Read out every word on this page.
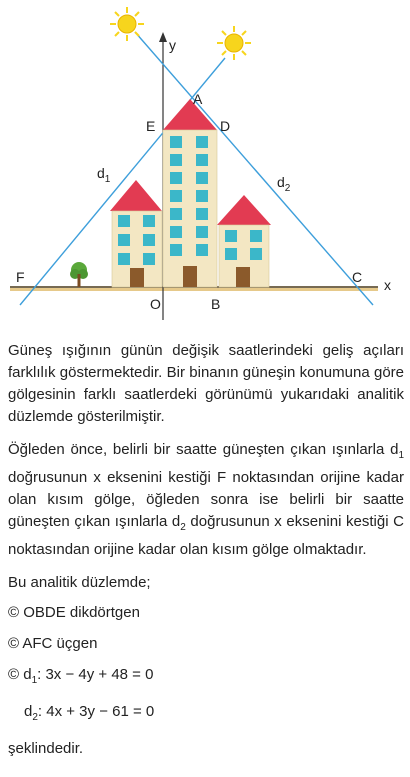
y
x
A
E	D
F	C
O	B
$d_1$	$d_2$

Güneş ışığının günün değişik saatlerindeki geliş açıları farklılık göstermektedir. Bir binanın güneşin konumuna göre gölgesinin farklı saatlerdeki görünümü yukarıdaki analitik düzlemde gösterilmiştir.

Öğleden önce, belirli bir saatte güneşten çıkan ışınlarla $d_1$ doğrusunun x eksenini kestiği F noktasından orijine kadar olan kısım gölge, öğleden sonra ise belirli bir saatte güneşten çıkan ışınlarla $d_2$ doğrusunun x eksenini kestiği C noktasından orijine kadar olan kısım gölge olmaktadır.

Bu analitik düzlemde;

© OBDE dikdörtgen
© AFC üçgen
© $d_1$: 3x − 4y + 48 = 0
$d_2$: 4x + 3y − 61 = 0
şeklindedir.
